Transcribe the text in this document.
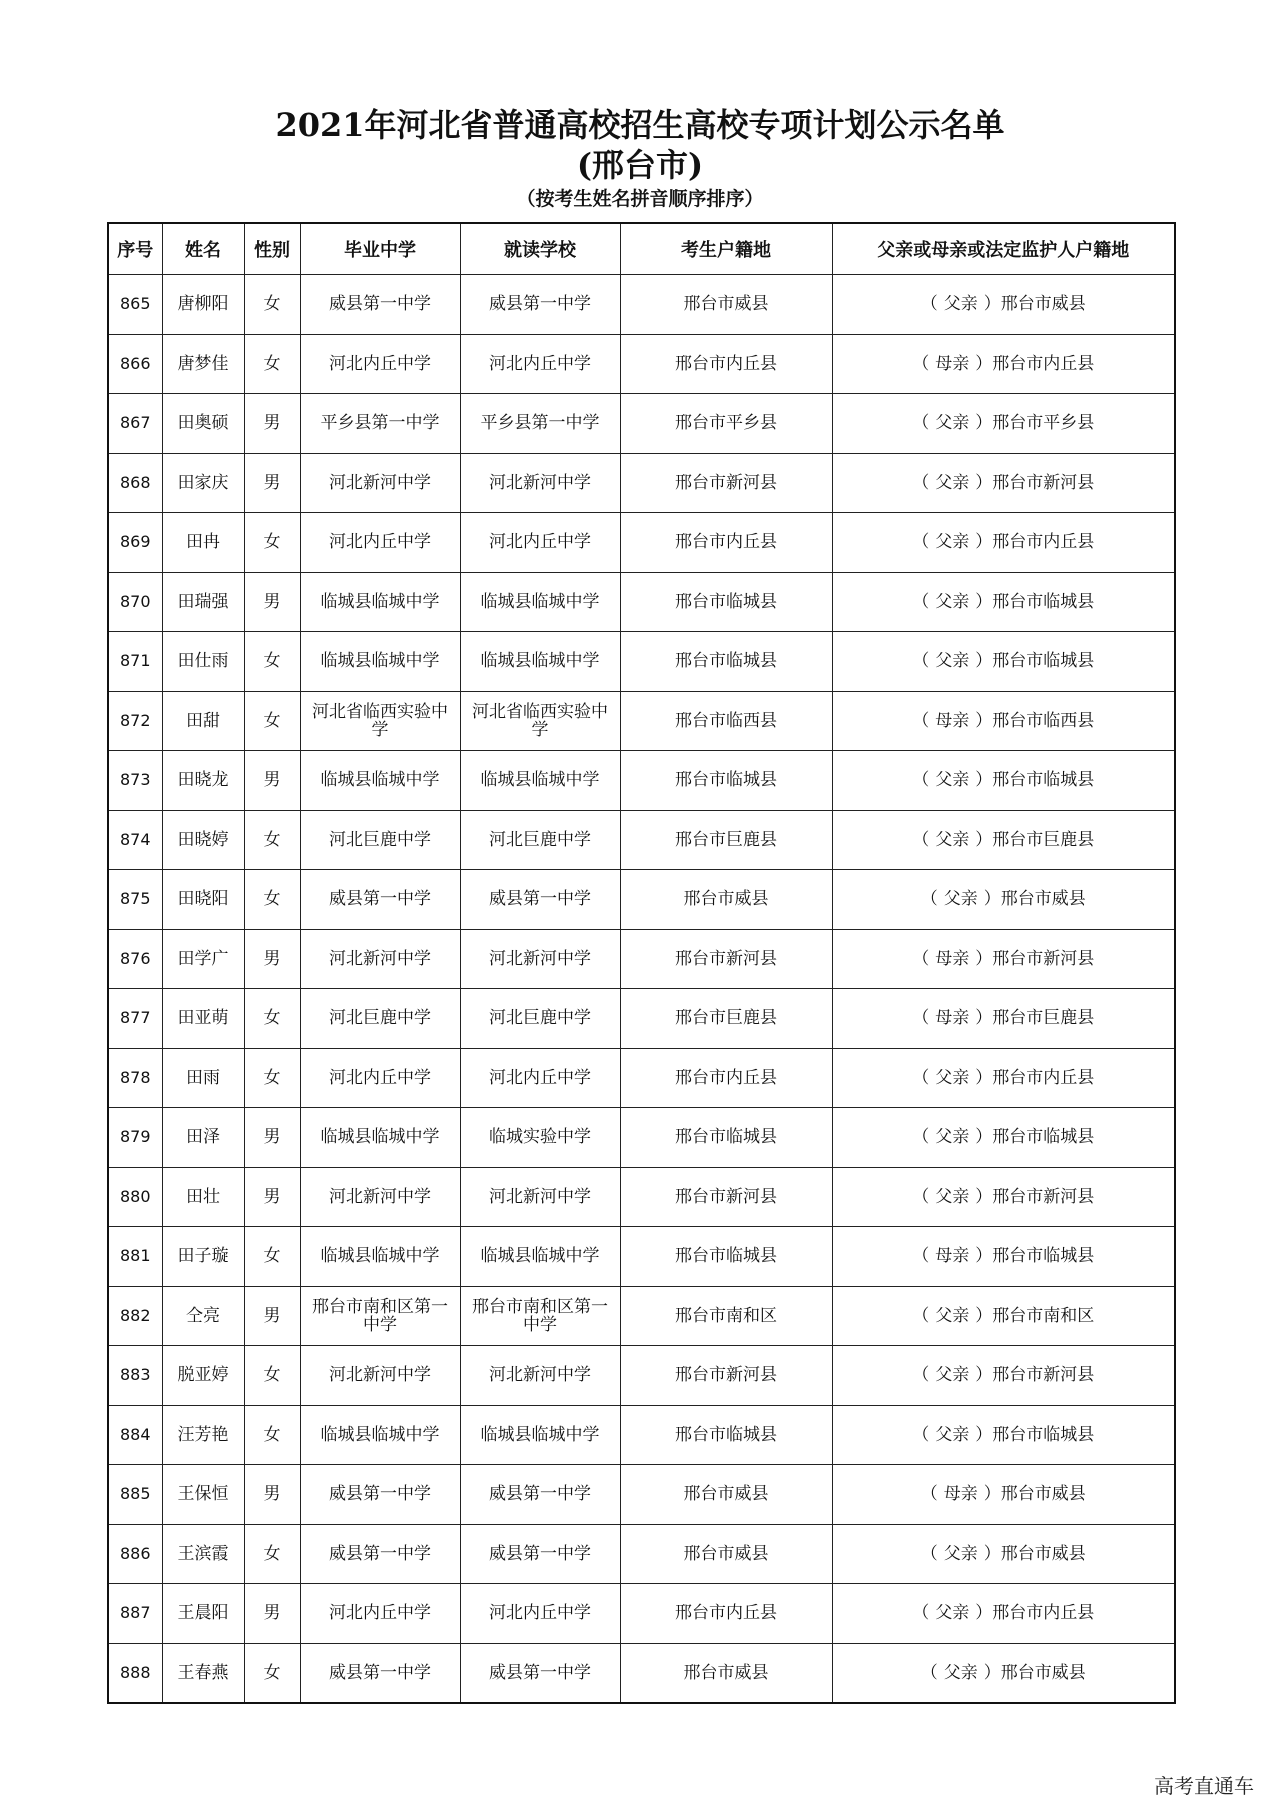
2021年河北省普通高校招生高校专项计划公示名单
(邢台市)
（按考生姓名拼音顺序排序）
序号	姓名	性别	毕业中学	就读学校	考生户籍地	父亲或母亲或法定监护人户籍地
865	唐柳阳	女	威县第一中学	威县第一中学	邢台市威县	（ 父亲 ）邢台市威县
866	唐梦佳	女	河北内丘中学	河北内丘中学	邢台市内丘县	（ 母亲 ）邢台市内丘县
867	田奥硕	男	平乡县第一中学	平乡县第一中学	邢台市平乡县	（ 父亲 ）邢台市平乡县
868	田家庆	男	河北新河中学	河北新河中学	邢台市新河县	（ 父亲 ）邢台市新河县
869	田冉	女	河北内丘中学	河北内丘中学	邢台市内丘县	（ 父亲 ）邢台市内丘县
870	田瑞强	男	临城县临城中学	临城县临城中学	邢台市临城县	（ 父亲 ）邢台市临城县
871	田仕雨	女	临城县临城中学	临城县临城中学	邢台市临城县	（ 父亲 ）邢台市临城县
872	田甜	女	河北省临西实验中学	河北省临西实验中学	邢台市临西县	（ 母亲 ）邢台市临西县
873	田晓龙	男	临城县临城中学	临城县临城中学	邢台市临城县	（ 父亲 ）邢台市临城县
874	田晓婷	女	河北巨鹿中学	河北巨鹿中学	邢台市巨鹿县	（ 父亲 ）邢台市巨鹿县
875	田晓阳	女	威县第一中学	威县第一中学	邢台市威县	（ 父亲 ）邢台市威县
876	田学广	男	河北新河中学	河北新河中学	邢台市新河县	（ 母亲 ）邢台市新河县
877	田亚萌	女	河北巨鹿中学	河北巨鹿中学	邢台市巨鹿县	（ 母亲 ）邢台市巨鹿县
878	田雨	女	河北内丘中学	河北内丘中学	邢台市内丘县	（ 父亲 ）邢台市内丘县
879	田泽	男	临城县临城中学	临城实验中学	邢台市临城县	（ 父亲 ）邢台市临城县
880	田壮	男	河北新河中学	河北新河中学	邢台市新河县	（ 父亲 ）邢台市新河县
881	田子璇	女	临城县临城中学	临城县临城中学	邢台市临城县	（ 母亲 ）邢台市临城县
882	仝亮	男	邢台市南和区第一中学	邢台市南和区第一中学	邢台市南和区	（ 父亲 ）邢台市南和区
883	脱亚婷	女	河北新河中学	河北新河中学	邢台市新河县	（ 父亲 ）邢台市新河县
884	汪芳艳	女	临城县临城中学	临城县临城中学	邢台市临城县	（ 父亲 ）邢台市临城县
885	王保恒	男	威县第一中学	威县第一中学	邢台市威县	（ 母亲 ）邢台市威县
886	王滨霞	女	威县第一中学	威县第一中学	邢台市威县	（ 父亲 ）邢台市威县
887	王晨阳	男	河北内丘中学	河北内丘中学	邢台市内丘县	（ 父亲 ）邢台市内丘县
888	王春燕	女	威县第一中学	威县第一中学	邢台市威县	（ 父亲 ）邢台市威县
高考直通车
